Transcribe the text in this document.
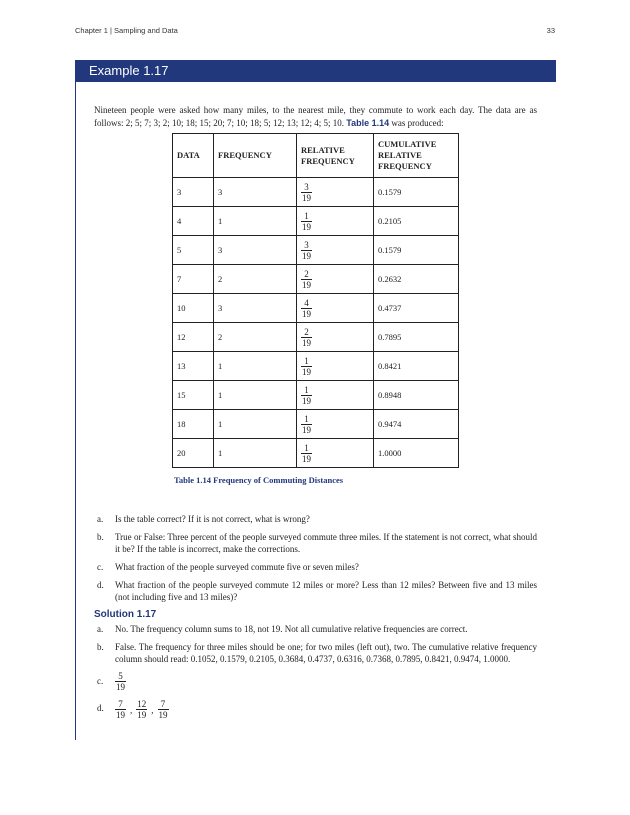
Chapter 1 | Sampling and Data	33
Example 1.17

Nineteen people were asked how many miles, to the nearest mile, they commute to work each day. The data are as follows: 2; 5; 7; 3; 2; 10; 18; 15; 20; 7; 10; 18; 5; 12; 13; 12; 4; 5; 10. Table 1.14 was produced:

DATA	FREQUENCY	RELATIVE FREQUENCY	CUMULATIVE RELATIVE FREQUENCY
3	3	$\frac{3}{19}$	0.1579
4	1	$\frac{1}{19}$	0.2105
5	3	$\frac{3}{19}$	0.1579
7	2	$\frac{2}{19}$	0.2632
10	3	$\frac{4}{19}$	0.4737
12	2	$\frac{2}{19}$	0.7895
13	1	$\frac{1}{19}$	0.8421
15	1	$\frac{1}{19}$	0.8948
18	1	$\frac{1}{19}$	0.9474
20	1	$\frac{1}{19}$	1.0000
Table 1.14 Frequency of Commuting Distances
a. Is the table correct? If it is not correct, what is wrong?
b. True or False: Three percent of the people surveyed commute three miles. If the statement is not correct, what should it be? If the table is incorrect, make the corrections.
c. What fraction of the people surveyed commute five or seven miles?
d. What fraction of the people surveyed commute 12 miles or more? Less than 12 miles? Between five and 13 miles (not including five and 13 miles)?
Solution 1.17
a. No. The frequency column sums to 18, not 19. Not all cumulative relative frequencies are correct.
b. False. The frequency for three miles should be one; for two miles (left out), two. The cumulative relative frequency column should read: 0.1052, 0.1579, 0.2105, 0.3684, 0.4737, 0.6316, 0.7368, 0.7895, 0.8421, 0.9474, 1.0000.
c. $\frac{5}{19}$
d. $\frac{7}{19}$ , $\frac{12}{19}$ , $\frac{7}{19}$
